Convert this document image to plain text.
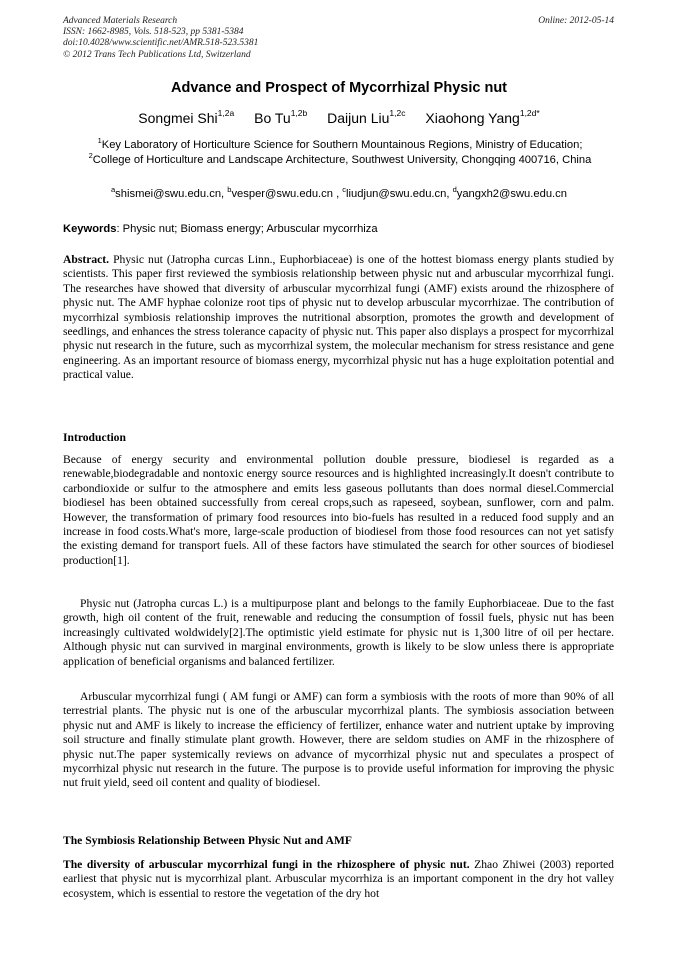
Advanced Materials Research
ISSN: 1662-8985, Vols. 518-523, pp 5381-5384
doi:10.4028/www.scientific.net/AMR.518-523.5381
© 2012 Trans Tech Publications Ltd, Switzerland
Online: 2012-05-14
Advance and Prospect of Mycorrhizal Physic nut
Songmei Shi$^{1,2a}$ Bo $Tu^{1,2b}$ Daijun Liu$^{1,2c}$ Xiaohong Yang$^{1,2d*}$
$^1$Key Laboratory of Horticulture Science for Southern Mountainous Regions, Ministry of Education;
$^2$College of Horticulture and Landscape Architecture, Southwest University, Chongqing 400716, China
$^a$shismei@swu.edu.cn, $^b$vesper@swu.edu.cn , $^c$liudjun@swu.edu.cn, $^d$yangxh2@swu.edu.cn
Keywords: Physic nut; Biomass energy; Arbuscular mycorrhiza

Abstract. Physic nut (Jatropha curcas Linn., Euphorbiaceae) is one of the hottest biomass energy plants studied by scientists. This paper first reviewed the symbiosis relationship between physic nut and arbuscular mycorrhizal fungi. The researches have showed that diversity of arbuscular mycorrhizal fungi (AMF) exists around the rhizosphere of physic nut. The AMF hyphae colonize root tips of physic nut to develop arbuscular mycorrhizae. The contribution of mycorrhizal symbiosis relationship improves the nutritional absorption, promotes the growth and development of seedlings, and enhances the stress tolerance capacity of physic nut. This paper also displays a prospect for mycorrhizal physic nut research in the future, such as mycorrhizal system, the molecular mechanism for stress resistance and gene engineering. As an important resource of biomass energy, mycorrhizal physic nut has a huge exploitation potential and practical value.

Introduction

Because of energy security and environmental pollution double pressure, biodiesel is regarded as a renewable,biodegradable and nontoxic energy source resources and is highlighted increasingly.It doesn't contribute to carbondioxide or sulfur to the atmosphere and emits less gaseous pollutants than does normal diesel.Commercial biodiesel has been obtained successfully from cereal crops,such as rapeseed, soybean, sunflower, corn and palm. However, the transformation of primary food resources into bio-fuels has resulted in a reduced food supply and an increase in food costs.What's more, large-scale production of biodiesel from those food resources can not yet satisfy the existing demand for transport fuels. All of these factors have stimulated the search for other sources of biodiesel production[1].

Physic nut (Jatropha curcas L.) is a multipurpose plant and belongs to the family Euphorbiaceae. Due to the fast growth, high oil content of the fruit, renewable and reducing the consumption of fossil fuels, physic nut has been increasingly cultivated woldwidely[2].The optimistic yield estimate for physic nut is 1,300 litre of oil per hectare. Although physic nut can survived in marginal environments, growth is likely to be slow unless there is appropriate application of beneficial organisms and balanced fertilizer.

Arbuscular mycorrhizal fungi ( AM fungi or AMF) can form a symbiosis with the roots of more than 90% of all terrestrial plants. The physic nut is one of the arbuscular mycorrhizal plants. The symbiosis association between physic nut and AMF is likely to increase the efficiency of fertilizer, enhance water and nutrient uptake by improving soil structure and finally stimulate plant growth. However, there are seldom studies on AMF in the rhizosphere of physic nut.The paper systemically reviews on advance of mycorrhizal physic nut and speculates a prospect of mycorrhizal physic nut research in the future. The purpose is to provide useful information for improving the physic nut fruit yield, seed oil content and quality of biodiesel.

The Symbiosis Relationship Between Physic Nut and AMF

The diversity of arbuscular mycorrhizal fungi in the rhizosphere of physic nut. Zhao Zhiwei (2003) reported earliest that physic nut is mycorrhizal plant. Arbuscular mycorrhiza is an important component in the dry hot valley ecosystem, which is essential to restore the vegetation of the dry hot
